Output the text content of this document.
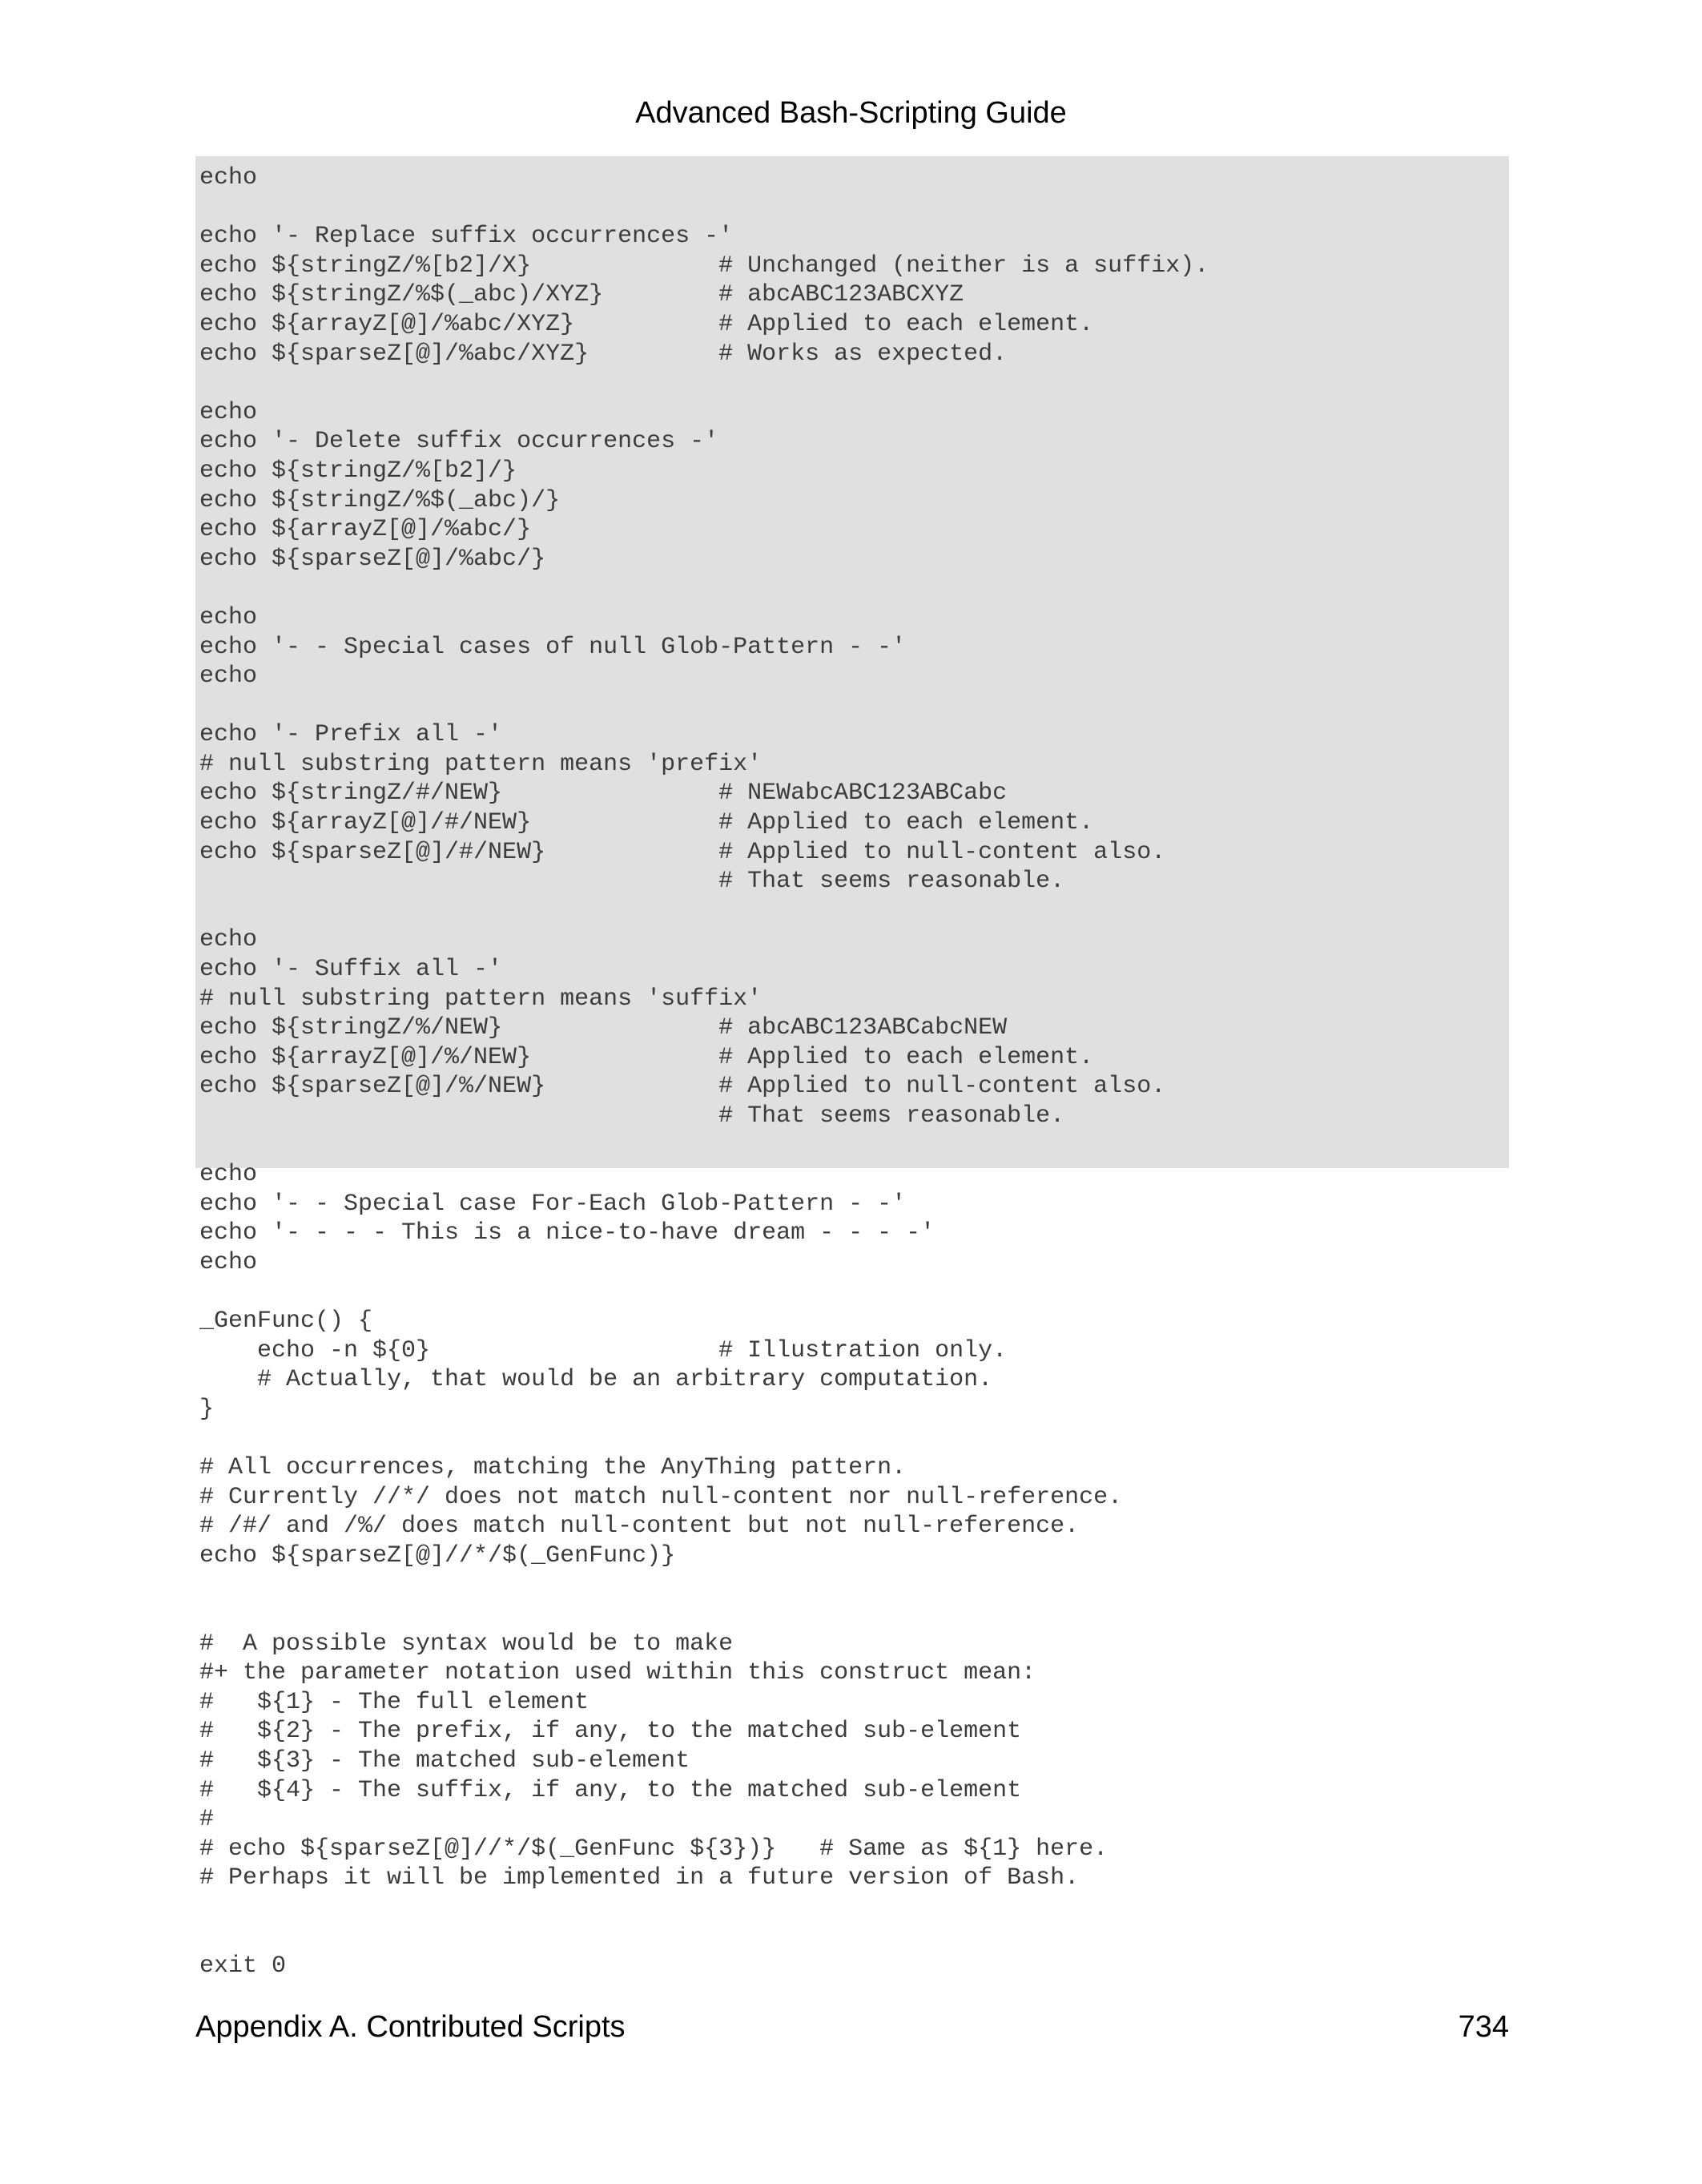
Advanced Bash-Scripting Guide
echo
echo '- Replace suffix occurrences -'
echo ${stringZ/%[b2]/X}             # Unchanged (neither is a suffix).
echo ${stringZ/%$(_abc)/XYZ}        # abcABC123ABCXYZ
echo ${arrayZ[@]/%abc/XYZ}          # Applied to each element.
echo ${sparseZ[@]/%abc/XYZ}         # Works as expected.
echo
echo '- Delete suffix occurrences -'
echo ${stringZ/%[b2]/}
echo ${stringZ/%$(_abc)/}
echo ${arrayZ[@]/%abc/}
echo ${sparseZ[@]/%abc/}
echo
echo '- - Special cases of null Glob-Pattern - -'
echo
echo '- Prefix all -'
# null substring pattern means 'prefix'
echo ${stringZ/#/NEW}               # NEWabcABC123ABCabc
echo ${arrayZ[@]/#/NEW}             # Applied to each element.
echo ${sparseZ[@]/#/NEW}            # Applied to null-content also.
# That seems reasonable.
echo
echo '- Suffix all -'
# null substring pattern means 'suffix'
echo ${stringZ/%/NEW}               # abcABC123ABCabcNEW
echo ${arrayZ[@]/%/NEW}             # Applied to each element.
echo ${sparseZ[@]/%/NEW}            # Applied to null-content also.
# That seems reasonable.
echo
echo '- - Special case For-Each Glob-Pattern - -'
echo '- - - - This is a nice-to-have dream - - - -'
echo
_GenFunc() {
echo -n ${0}                    # Illustration only.
# Actually, that would be an arbitrary computation.
}
# All occurrences, matching the AnyThing pattern.
# Currently //*/ does not match null-content nor null-reference.
# /#/ and /%/ does match null-content but not null-reference.
echo ${sparseZ[@]//*/$(_GenFunc)}
#  A possible syntax would be to make
#+ the parameter notation used within this construct mean:
#   ${1} - The full element
#   ${2} - The prefix, if any, to the matched sub-element
#   ${3} - The matched sub-element
#   ${4} - The suffix, if any, to the matched sub-element
#
# echo ${sparseZ[@]//*/$(_GenFunc ${3})}   # Same as ${1} here.
# Perhaps it will be implemented in a future version of Bash.
exit 0
Appendix A. Contributed Scripts	734
